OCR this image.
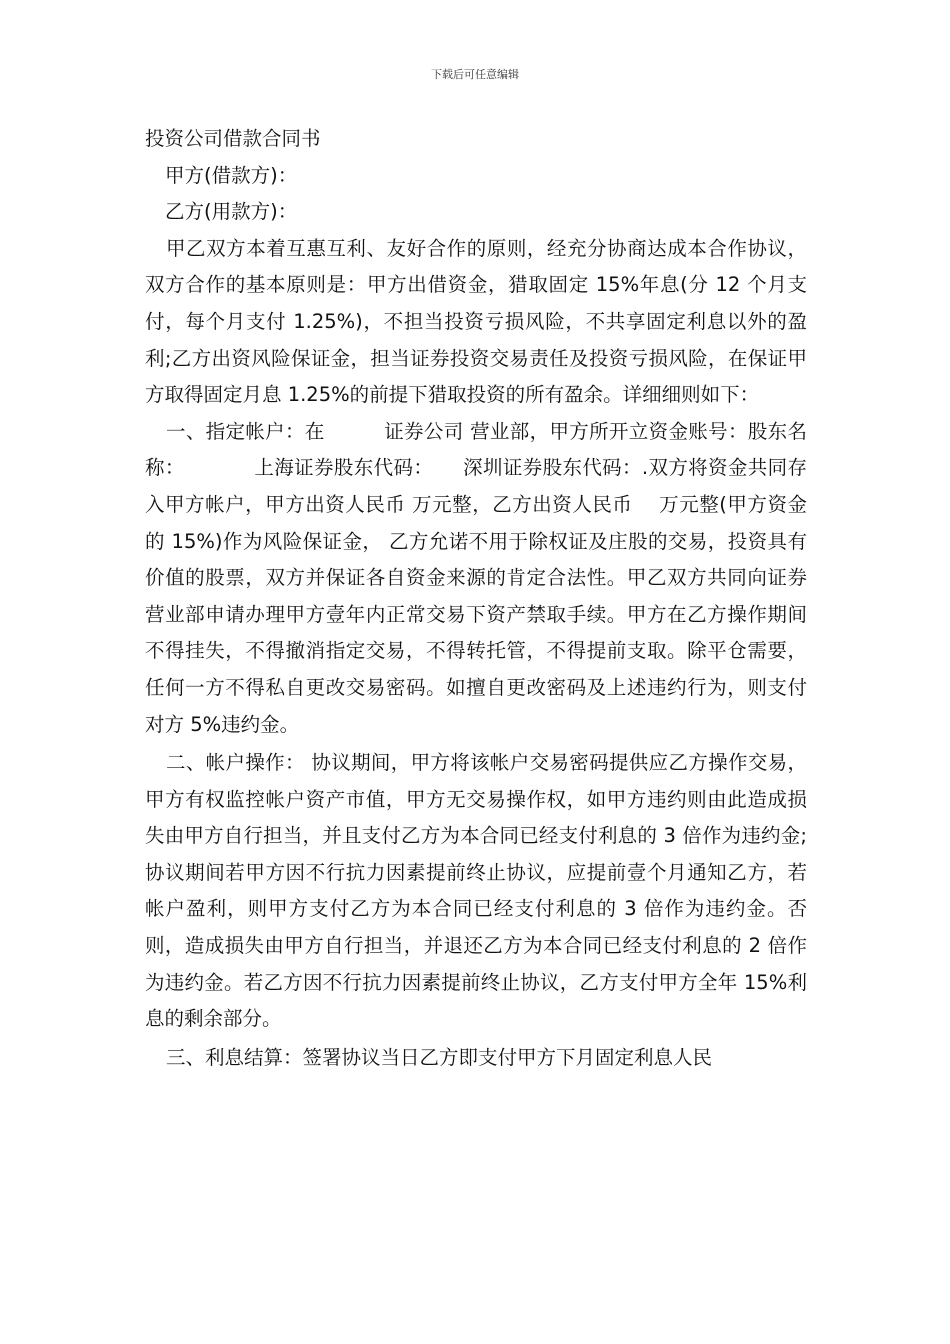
下载后可任意编辑
投资公司借款合同书
甲方(借款方)：
乙方(用款方)：

甲乙双方本着互惠互利、友好合作的原则，经充分协商达成本合作协议，双方合作的基本原则是：甲方出借资金，猎取固定 15%年息(分 12 个月支付，每个月支付 1.25%)，不担当投资亏损风险，不共享固定利息以外的盈利;乙方出资风险保证金，担当证券投资交易责任及投资亏损风险，在保证甲方取得固定月息 1.25%的前提下猎取投资的所有盈余。详细细则如下：

一、指定帐户：在　　　证券公司 营业部，甲方所开立资金账号：股东名称：　　　　上海证券股东代码：　　深圳证券股东代码：.双方将资金共同存入甲方帐户，甲方出资人民币 万元整，乙方出资人民币　 万元整(甲方资金的 15%)作为风险保证金， 乙方允诺不用于除权证及庄股的交易，投资具有价值的股票，双方并保证各自资金来源的肯定合法性。甲乙双方共同向证券营业部申请办理甲方壹年内正常交易下资产禁取手续。甲方在乙方操作期间不得挂失，不得撤消指定交易，不得转托管，不得提前支取。除平仓需要，任何一方不得私自更改交易密码。如擅自更改密码及上述违约行为，则支付对方 5%违约金。

二、帐户操作： 协议期间，甲方将该帐户交易密码提供应乙方操作交易，甲方有权监控帐户资产市值，甲方无交易操作权，如甲方违约则由此造成损失由甲方自行担当，并且支付乙方为本合同已经支付利息的 3 倍作为违约金;协议期间若甲方因不行抗力因素提前终止协议，应提前壹个月通知乙方，若帐户盈利，则甲方支付乙方为本合同已经支付利息的 3 倍作为违约金。否则，造成损失由甲方自行担当，并退还乙方为本合同已经支付利息的 2 倍作为违约金。若乙方因不行抗力因素提前终止协议，乙方支付甲方全年 15%利息的剩余部分。

三、利息结算：签署协议当日乙方即支付甲方下月固定利息人民
